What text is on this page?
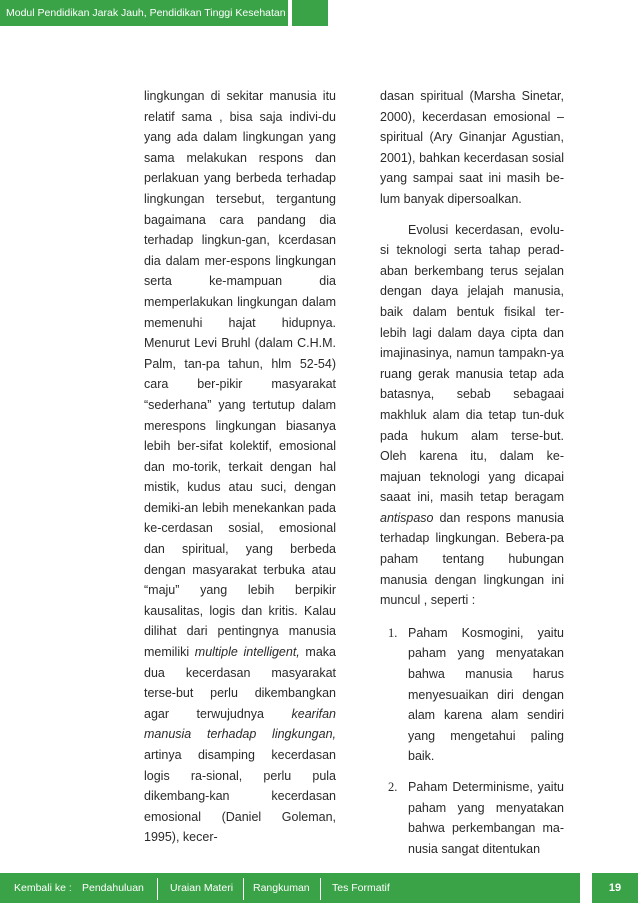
Modul Pendidikan Jarak Jauh, Pendidikan Tinggi Kesehatan

lingkungan di sekitar manusia itu relatif sama , bisa saja indivi-du yang ada dalam lingkungan yang sama melakukan respons dan perlakuan yang berbeda terhadap lingkungan tersebut, tergantung bagaimana cara pandang dia terhadap lingkun-gan, kcerdasan dia dalam mer-espons lingkungan serta ke-mampuan dia memperlakukan lingkungan dalam memenuhi hajat hidupnya. Menurut Levi Bruhl (dalam C.H.M. Palm, tan-pa tahun, hlm 52-54) cara ber-pikir masyarakat “sederhana” yang tertutup dalam merespons lingkungan biasanya lebih ber-sifat kolektif, emosional dan mo-torik, terkait dengan hal mistik, kudus atau suci, dengan demiki-an lebih menekankan pada ke-cerdasan sosial, emosional dan spiritual, yang berbeda dengan masyarakat terbuka atau “maju” yang lebih berpikir kausalitas, logis dan kritis. Kalau dilihat dari pentingnya manusia memiliki multiple intelligent, maka dua kecerdasan masyarakat terse-but perlu dikembangkan agar terwujudnya kearifan manusia terhadap lingkungan, artinya disamping kecerdasan logis ra-sional, perlu pula dikembang-kan kecerdasan emosional (Daniel Goleman, 1995), kecer-

dasan spiritual (Marsha Sinetar, 2000), kecerdasan emosional – spiritual (Ary Ginanjar Agustian, 2001), bahkan kecerdasan sosial yang sampai saat ini masih be-lum banyak dipersoalkan.

Evolusi kecerdasan, evolu-si teknologi serta tahap perad-aban berkembang terus sejalan dengan daya jelajah manusia, baik dalam bentuk fisikal ter-lebih lagi dalam daya cipta dan imajinasinya, namun tampakn-ya ruang gerak manusia tetap ada batasnya, sebab sebagaai makhluk alam dia tetap tun-duk pada hukum alam terse-but. Oleh karena itu, dalam ke-majuan teknologi yang dicapai saaat ini, masih tetap beragam antispaso dan respons manusia terhadap lingkungan. Bebera-pa paham tentang hubungan manusia dengan lingkungan ini muncul , seperti :

1. Paham Kosmogini, yaitu paham yang menyatakan bahwa manusia harus menyesuaikan diri dengan alam karena alam sendiri yang mengetahui paling baik.
2. Paham Determinisme, yaitu paham yang menyatakan bahwa perkembangan ma-nusia sangat ditentukan
Kembali ke : Pendahuluan Uraian Materi Rangkuman Tes Formatif	19
